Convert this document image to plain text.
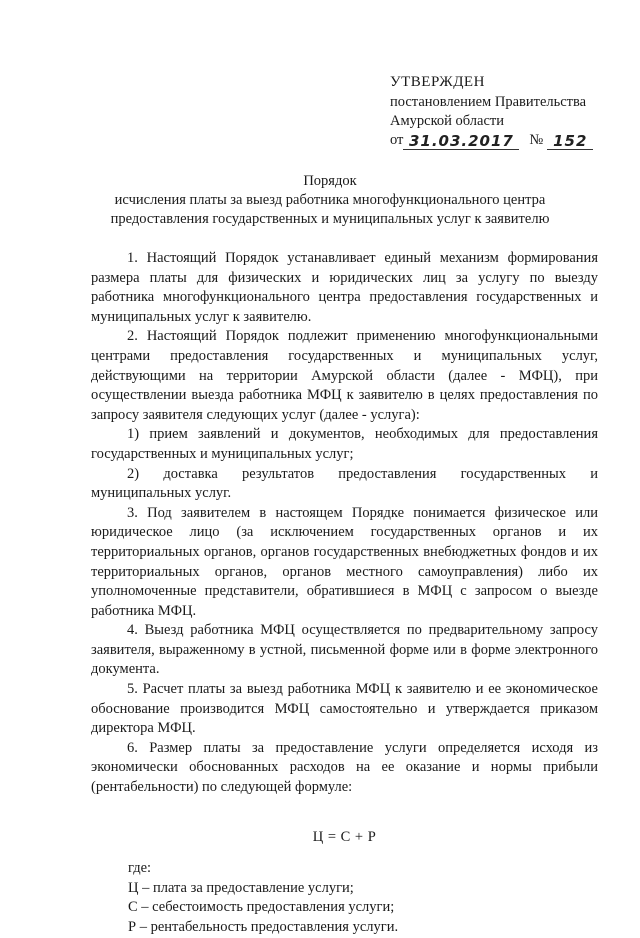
УТВЕРЖДЕН
постановлением Правительства
Амурской области
от 31.03.2017	№ 152
Порядок
исчисления платы за выезд работника многофункционального центра
предоставления государственных и муниципальных услуг к заявителю

1. Настоящий Порядок устанавливает единый механизм формирования размера платы для физических и юридических лиц за услугу по выезду работника многофункционального центра предоставления государственных и муниципальных услуг к заявителю.

2. Настоящий Порядок подлежит применению многофункциональными центрами предоставления государственных и муниципальных услуг, действующими на территории Амурской области (далее - МФЦ), при осуществлении выезда работника МФЦ к заявителю в целях предоставления по запросу заявителя следующих услуг (далее - услуга):

1) прием заявлений и документов, необходимых для предоставления государственных и муниципальных услуг;

2) доставка результатов предоставления государственных и муниципальных услуг.

3. Под заявителем в настоящем Порядке понимается физическое или юридическое лицо (за исключением государственных органов и их территориальных органов, органов государственных внебюджетных фондов и их территориальных органов, органов местного самоуправления) либо их уполномоченные представители, обратившиеся в МФЦ с запросом о выезде работника МФЦ.

4. Выезд работника МФЦ осуществляется по предварительному запросу заявителя, выраженному в устной, письменной форме или в форме электронного документа.

5. Расчет платы за выезд работника МФЦ к заявителю и ее экономическое обоснование производится МФЦ самостоятельно и утверждается приказом директора МФЦ.

6. Размер платы за предоставление услуги определяется исходя из экономически обоснованных расходов на ее оказание и нормы прибыли (рентабельности) по следующей формуле:

Ц = С + Р

где:

Ц – плата за предоставление услуги;

С – себестоимость предоставления услуги;

Р – рентабельность предоставления услуги.
